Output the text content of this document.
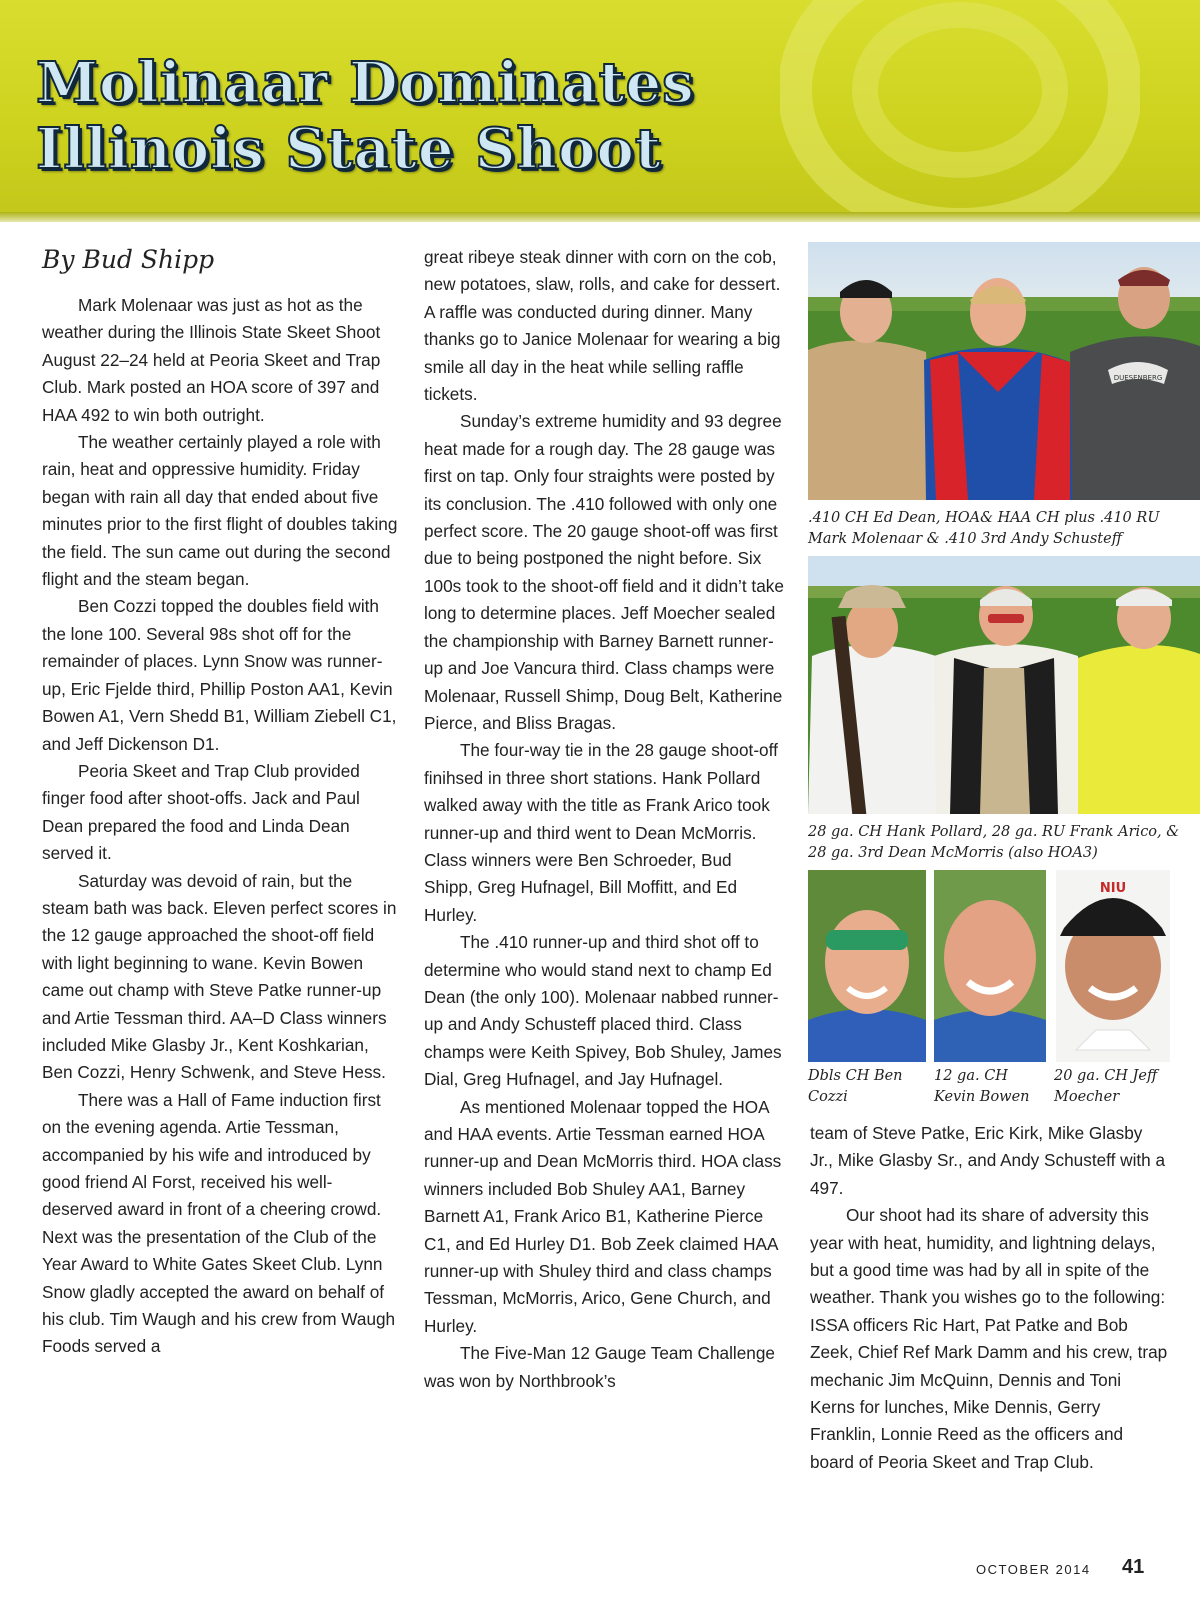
Molinaar Dominates
Illinois State Shoot
By Bud Shipp

Mark Molenaar was just as hot as the weather during the Illinois State Skeet Shoot August 22–24 held at Peoria Skeet and Trap Club. Mark posted an HOA score of 397 and HAA 492 to win both outright.

The weather certainly played a role with rain, heat and oppressive humidity. Friday began with rain all day that ended about five minutes prior to the first flight of doubles taking the field. The sun came out during the second flight and the steam began.

Ben Cozzi topped the doubles field with the lone 100. Several 98s shot off for the remainder of places. Lynn Snow was runner-up, Eric Fjelde third, Phillip Poston AA1, Kevin Bowen A1, Vern Shedd B1, William Ziebell C1, and Jeff Dickenson D1.

Peoria Skeet and Trap Club provided finger food after shoot-offs. Jack and Paul Dean prepared the food and Linda Dean served it.

Saturday was devoid of rain, but the steam bath was back. Eleven perfect scores in the 12 gauge approached the shoot-off field with light beginning to wane. Kevin Bowen came out champ with Steve Patke runner-up and Artie Tessman third. AA–D Class winners included Mike Glasby Jr., Kent Koshkarian, Ben Cozzi, Henry Schwenk, and Steve Hess.

There was a Hall of Fame induction first on the evening agenda. Artie Tessman, accompanied by his wife and introduced by good friend Al Forst, received his well-deserved award in front of a cheering crowd. Next was the presentation of the Club of the Year Award to White Gates Skeet Club. Lynn Snow gladly accepted the award on behalf of his club. Tim Waugh and his crew from Waugh Foods served a

great ribeye steak dinner with corn on the cob, new potatoes, slaw, rolls, and cake for dessert. A raffle was conducted during dinner. Many thanks go to Janice Molenaar for wearing a big smile all day in the heat while selling raffle tickets.

Sunday’s extreme humidity and 93 degree heat made for a rough day. The 28 gauge was first on tap. Only four straights were posted by its conclusion. The .410 followed with only one perfect score. The 20 gauge shoot-off was first due to being postponed the night before. Six 100s took to the shoot-off field and it didn’t take long to determine places. Jeff Moecher sealed the championship with Barney Barnett runner-up and Joe Vancura third. Class champs were Molenaar, Russell Shimp, Doug Belt, Katherine Pierce, and Bliss Bragas.

The four-way tie in the 28 gauge shoot-off finihsed in three short stations. Hank Pollard walked away with the title as Frank Arico took runner-up and third went to Dean McMorris. Class winners were Ben Schroeder, Bud Shipp, Greg Hufnagel, Bill Moffitt, and Ed Hurley.

The .410 runner-up and third shot off to determine who would stand next to champ Ed Dean (the only 100). Molenaar nabbed runner-up and Andy Schusteff placed third. Class champs were Keith Spivey, Bob Shuley, James Dial, Greg Hufnagel, and Jay Hufnagel.

As mentioned Molenaar topped the HOA and HAA events. Artie Tessman earned HOA runner-up and Dean McMorris third. HOA class winners included Bob Shuley AA1, Barney Barnett A1, Frank Arico B1, Katherine Pierce C1, and Ed Hurley D1. Bob Zeek claimed HAA runner-up with Shuley third and class champs Tessman, McMorris, Arico, Gene Church, and Hurley.

The Five-Man 12 Gauge Team Challenge was won by Northbrook’s

DUESENBERG

.410 CH Ed Dean, HOA& HAA CH plus .410 RU Mark Molenaar & .410 3rd Andy Schusteff

28 ga. CH Hank Pollard, 28 ga. RU Frank Arico, & 28 ga. 3rd Dean McMorris (also HOA3)

NIU

Dbls CH Ben Cozzi

12 ga. CH Kevin Bowen

20 ga. CH Jeff Moecher

team of Steve Patke, Eric Kirk, Mike Glasby Jr., Mike Glasby Sr., and Andy Schusteff with a 497.

Our shoot had its share of adversity this year with heat, humidity, and lightning delays, but a good time was had by all in spite of the weather. Thank you wishes go to the following: ISSA officers Ric Hart, Pat Patke and Bob Zeek, Chief Ref Mark Damm and his crew, trap mechanic Jim McQuinn, Dennis and Toni Kerns for lunches, Mike Dennis, Gerry Franklin, Lonnie Reed as the officers and board of Peoria Skeet and Trap Club.

OCTOBER 2014 41
